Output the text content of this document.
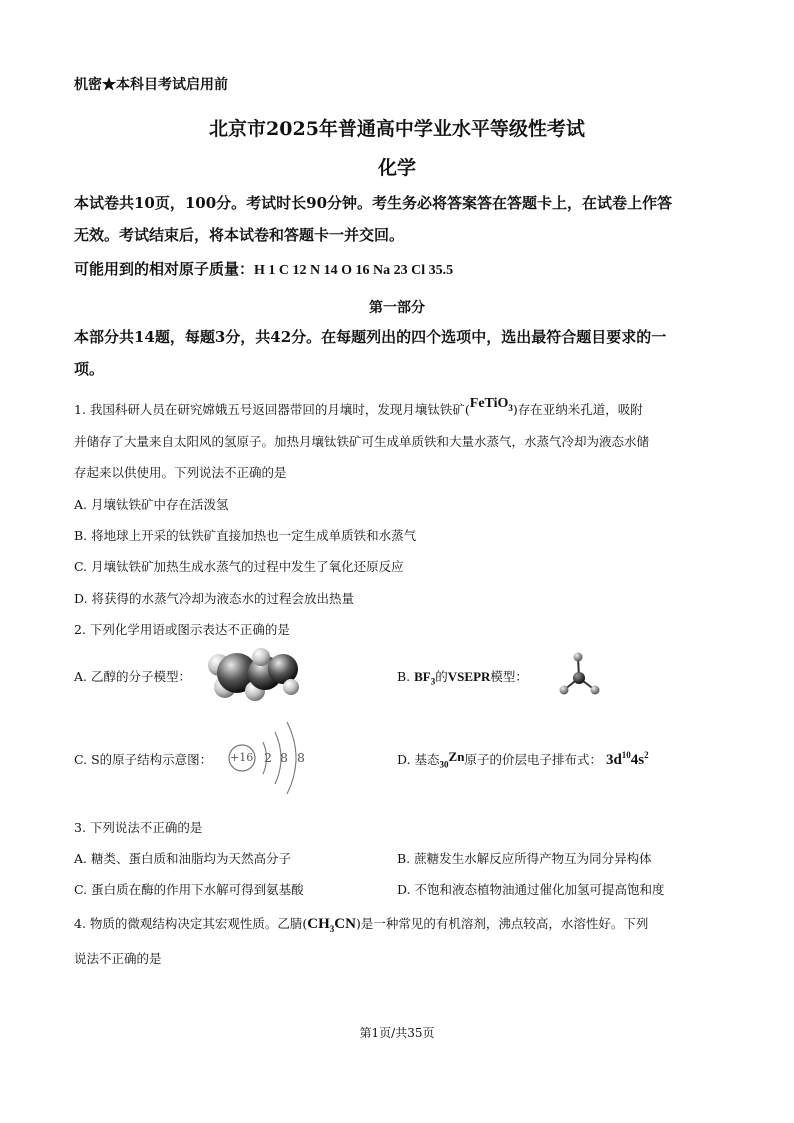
机密★本科目考试启用前
北京市2025年普通高中学业水平等级性考试
化学
本试卷共10页，100分。考试时长90分钟。考生务必将答案答在答题卡上，在试卷上作答
无效。考试结束后，将本试卷和答题卡一并交回。
可能用到的相对原子质量：H 1 C 12 N 14 O 16 Na 23 Cl 35.5
第一部分
本部分共14题，每题3分，共42分。在每题列出的四个选项中，选出最符合题目要求的一
项。
1. 我国科研人员在研究嫦娥五号返回器带回的月壤时，发现月壤钛铁矿(FeTiO$_3$)存在亚纳米孔道，吸附
并储存了大量来自太阳风的氢原子。加热月壤钛铁矿可生成单质铁和大量水蒸气，水蒸气冷却为液态水储
存起来以供使用。下列说法不正确的是
A. 月壤钛铁矿中存在活泼氢
B. 将地球上开采的钛铁矿直接加热也一定生成单质铁和水蒸气
C. 月壤钛铁矿加热生成水蒸气的过程中发生了氧化还原反应
D. 将获得的水蒸气冷却为液态水的过程会放出热量
2. 下列化学用语或图示表达不正确的是
A. 乙醇的分子模型：	B. $BF_3$的VSEPR模型：
C. S的原子结构示意图： +16 2 8 8	D. 基态$_{30}$Zn原子的价层电子排布式： $3d^{10}4s^2$
3. 下列说法不正确的是
A. 糖类、蛋白质和油脂均为天然高分子	B. 蔗糖发生水解反应所得产物互为同分异构体
C. 蛋白质在酶的作用下水解可得到氨基酸	D. 不饱和液态植物油通过催化加氢可提高饱和度
4. 物质的微观结构决定其宏观性质。乙腈$(CH_3CN)$是一种常见的有机溶剂，沸点较高，水溶性好。下列
说法不正确的是
第1页/共35页
